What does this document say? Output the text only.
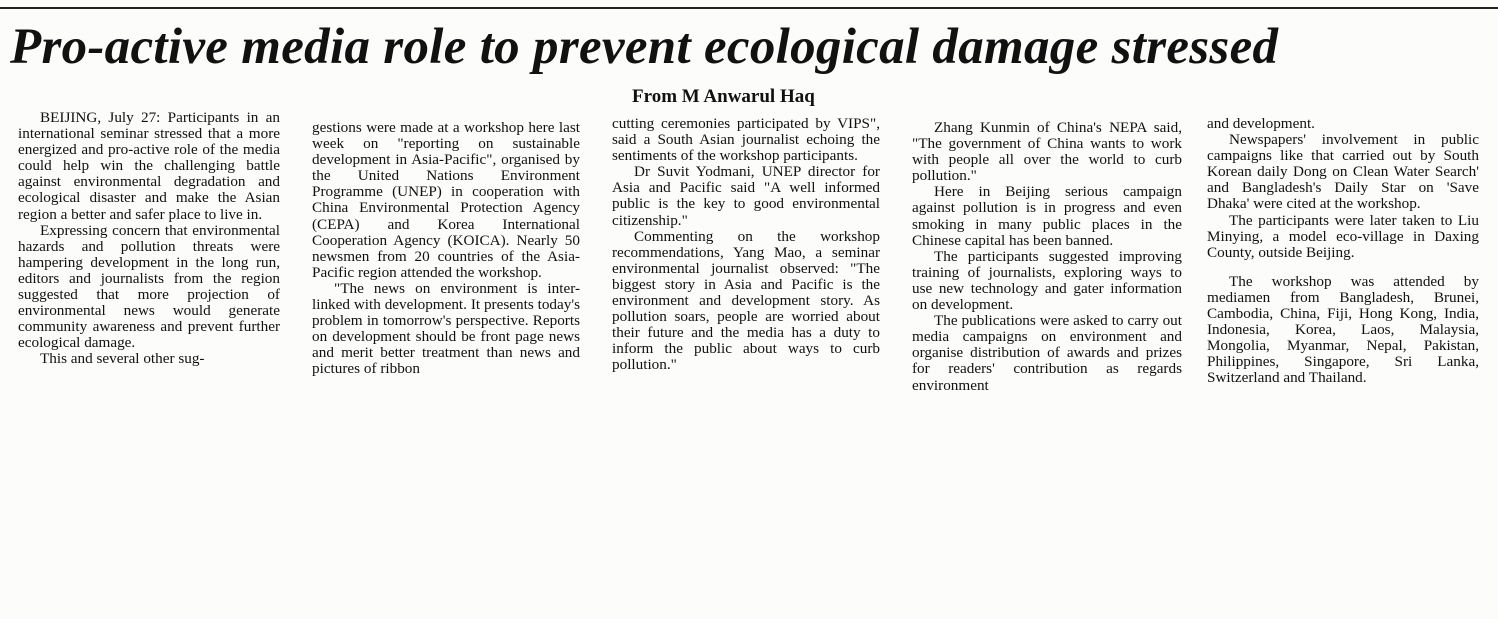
Pro-active media role to prevent ecological damage stressed
From M Anwarul Haq

BEIJING, July 27: Participants in an international seminar stressed that a more energized and pro-active role of the media could help win the challenging battle against environmental degradation and ecological disaster and make the Asian region a better and safer place to live in.

Expressing concern that environmental hazards and pollution threats were hampering development in the long run, editors and journalists from the region suggested that more projection of environmental news would generate community awareness and prevent further ecological damage.

This and several other sug-

gestions were made at a workshop here last week on "reporting on sustainable development in Asia-Pacific", organised by the United Nations Environment Programme (UNEP) in cooperation with China Environmental Protection Agency (CEPA) and Korea International Cooperation Agency (KOICA). Nearly 50 newsmen from 20 countries of the Asia-Pacific region attended the workshop.

"The news on environment is inter-linked with development. It presents today's problem in tomorrow's perspective. Reports on development should be front page news and merit better treatment than news and pictures of ribbon

cutting ceremonies participated by VIPS", said a South Asian journalist echoing the sentiments of the workshop participants.

Dr Suvit Yodmani, UNEP director for Asia and Pacific said "A well informed public is the key to good environmental citizenship."

Commenting on the workshop recommendations, Yang Mao, a seminar environmental journalist observed: "The biggest story in Asia and Pacific is the environment and development story. As pollution soars, people are worried about their future and the media has a duty to inform the public about ways to curb pollution."

Zhang Kunmin of China's NEPA said, "The government of China wants to work with people all over the world to curb pollution."

Here in Beijing serious campaign against pollution is in progress and even smoking in many public places in the Chinese capital has been banned.

The participants suggested improving training of journalists, exploring ways to use new technology and gater information on development.

The publications were asked to carry out media campaigns on environment and organise distribution of awards and prizes for readers' contribution as regards environment

and development.

Newspapers' involvement in public campaigns like that carried out by South Korean daily Dong on Clean Water Search' and Bangladesh's Daily Star on 'Save Dhaka' were cited at the workshop.

The participants were later taken to Liu Minying, a model eco-village in Daxing County, outside Beijing.

The workshop was attended by mediamen from Bangladesh, Brunei, Cambodia, China, Fiji, Hong Kong, India, Indonesia, Korea, Laos, Malaysia, Mongolia, Myanmar, Nepal, Pakistan, Philippines, Singapore, Sri Lanka, Switzerland and Thailand.
